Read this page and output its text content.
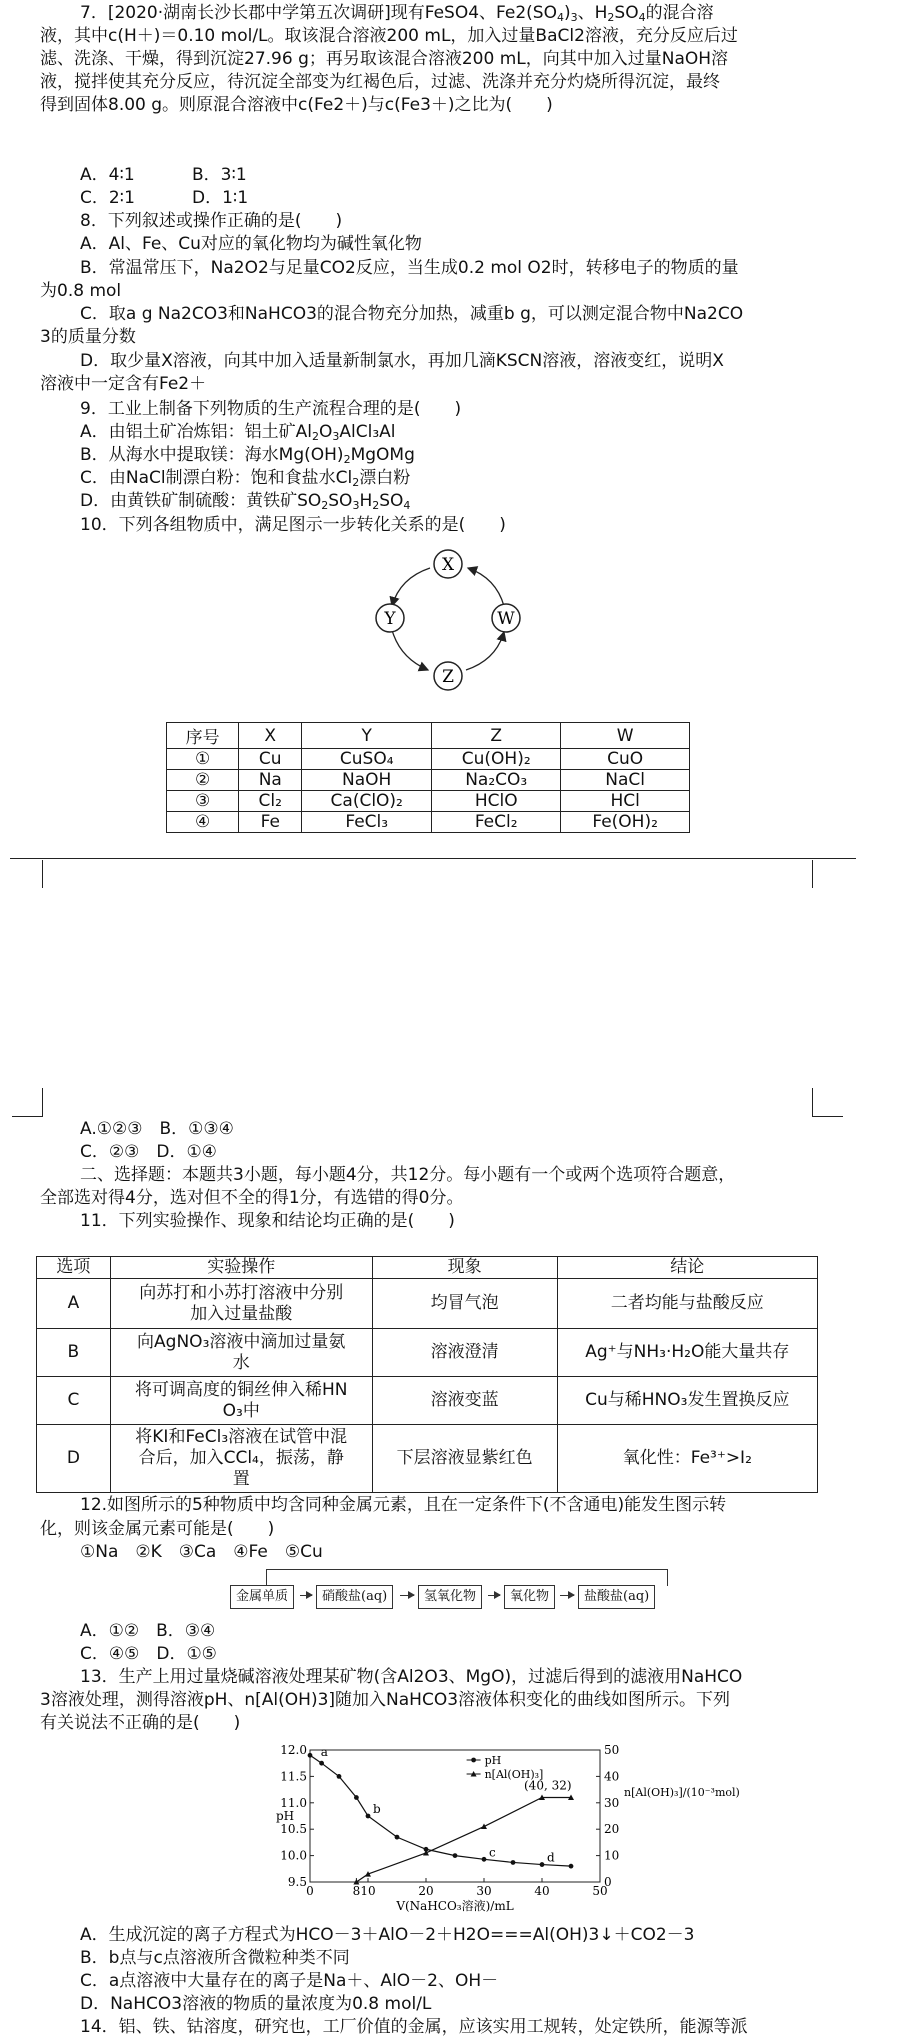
7．[2020·湖南长沙长郡中学第五次调研]现有FeSO4、$Fe2(SO_4)_3$、$H_2SO_4$的混合溶
液，其中c(H＋)＝0.10 mol/L。取该混合溶液200 mL，加入过量BaCl2溶液，充分反应后过
滤、洗涤、干燥，得到沉淀27.96 g；再另取该混合溶液200 mL，向其中加入过量NaOH溶
液，搅拌使其充分反应，待沉淀全部变为红褐色后，过滤、洗涤并充分灼烧所得沉淀，最终
得到固体8.00 g。则原混合溶液中c(Fe2＋)与c(Fe3＋)之比为(　　)
A．4∶1	B．3∶1
C．2∶1	D．1∶1
8．下列叙述或操作正确的是(　　)
A．Al、Fe、Cu对应的氧化物均为碱性氧化物
B．常温常压下，Na2O2与足量CO2反应，当生成0.2 mol O2时，转移电子的物质的量
为0.8 mol
C．取a g Na2CO3和NaHCO3的混合物充分加热，减重b g，可以测定混合物中Na2CO
3的质量分数
D．取少量X溶液，向其中加入适量新制氯水，再加几滴KSCN溶液，溶液变红，说明X
溶液中一定含有Fe2＋
9．工业上制备下列物质的生产流程合理的是(　　)
A．由铝土矿冶炼铝：铝土矿$Al_2O_3AlCl_3Al$
B．从海水中提取镁：海水$Mg(OH)_2MgOMg$
C．由NaCl制漂白粉：饱和食盐水$Cl_2$漂白粉
D．由黄铁矿制硫酸：黄铁矿$SO_2SO_3H_2SO_4$
10．下列各组物质中，满足图示一步转化关系的是(　　)
X
Y	W
Z
序号	X	Y	Z	W
①	Cu	CuSO₄	Cu(OH)₂	CuO
②	Na	NaOH	Na₂CO₃	NaCl
③	Cl₂	Ca(ClO)₂	HClO	HCl
④	Fe	FeCl₃	FeCl₂	Fe(OH)₂
A.①②③　B．①③④
C．②③　D．①④
二、选择题：本题共3小题，每小题4分，共12分。每小题有一个或两个选项符合题意，
全部选对得4分，选对但不全的得1分，有选错的得0分。
11．下列实验操作、现象和结论均正确的是(　　)
选项	实验操作	现象	结论
A	向苏打和小苏打溶液中分别
加入过量盐酸	均冒气泡	二者均能与盐酸反应
B	向AgNO₃溶液中滴加过量氨
水	溶液澄清	Ag⁺与NH₃·H₂O能大量共存
C	将可调高度的铜丝伸入稀HN
O₃中	溶液变蓝	Cu与稀HNO₃发生置换反应
D	将KI和FeCl₃溶液在试管中混
合后，加入CCl₄，振荡，静
置	下层溶液显紫红色	氧化性：Fe³⁺>I₂
12.如图所示的5种物质中均含同种金属元素，且在一定条件下(不含通电)能发生图示转
化，则该金属元素可能是(　　)
①Na　②K　③Ca　④Fe　⑤Cu
金属单质	硝酸盐(aq)	氢氧化物	氧化物	盐酸盐(aq)
A．①②　B．③④
C．④⑤　D．①⑤
13．生产上用过量烧碱溶液处理某矿物(含Al2O3、MgO)，过滤后得到的滤液用NaHCO
3溶液处理，测得溶液pH、n[Al(OH)3]随加入NaHCO3溶液体积变化的曲线如图所示。下列
有关说法不正确的是(　　)
0	8 10	20	30	40	50
9.5
10.0
10.5
11.0
11.5
12.0
0
10
20
30
40
50
pH
n[Al(OH)₃]/(10⁻³mol)
V(NaHCO₃溶液)/mL
a
b
c	d
(40, 32)
pH
n[Al(OH)₃]
A．生成沉淀的离子方程式为HCO－3＋AlO－2＋H2O===Al(OH)3↓＋CO2－3
B．b点与c点溶液所含微粒种类不同
C．a点溶液中大量存在的离子是Na＋、AlO－2、OH－
D．NaHCO3溶液的物质的量浓度为0.8 mol/L
14．铝、铁、钴溶度，研究也，工厂价值的金属，应该实用工规转，处定铁所，能源等派
